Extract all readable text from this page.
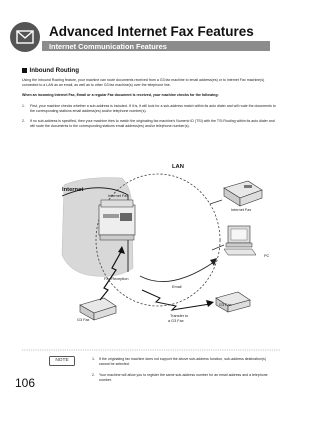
Advanced Internet Fax Features
Internet Communication Features
Inbound Routing
Using the Inbound Routing feature, your machine can route documents received from a G3 fax machine to email address(es) or to Internet Fax machine(s) connected to a LAN as an email, as well as to other G3 fax machine(s) over the telephone line.
When an incoming Internet Fax, Email or a regular Fax document is received, your machine checks for the following:
1.	First, your machine checks whether a sub-address is included. If it is, it will look for a sub-address match within its auto dialer and will route the documents to the corresponding stations email address(es) and/or telephone number(s).
2.	If no sub-address is specified, then your machine tries to match the originating fax machine's Numeric ID (TSI) with the TSI Routing within its auto dialer and will route the documents to the corresponding stations email address(es) and/or telephone number(s).
LAN
Internet
Internet Fax
Internet Fax
PC
Fax Reception
Email
G3 Fax
G3 Fax
Transfer to
a G3 Fax
NOTE	1.	If the originating fax machine does not support the above sub-address function, sub-address destination(s) cannot be selected.
2.	Your machine will allow you to register the same sub-address number for an email address and a telephone number.
106
